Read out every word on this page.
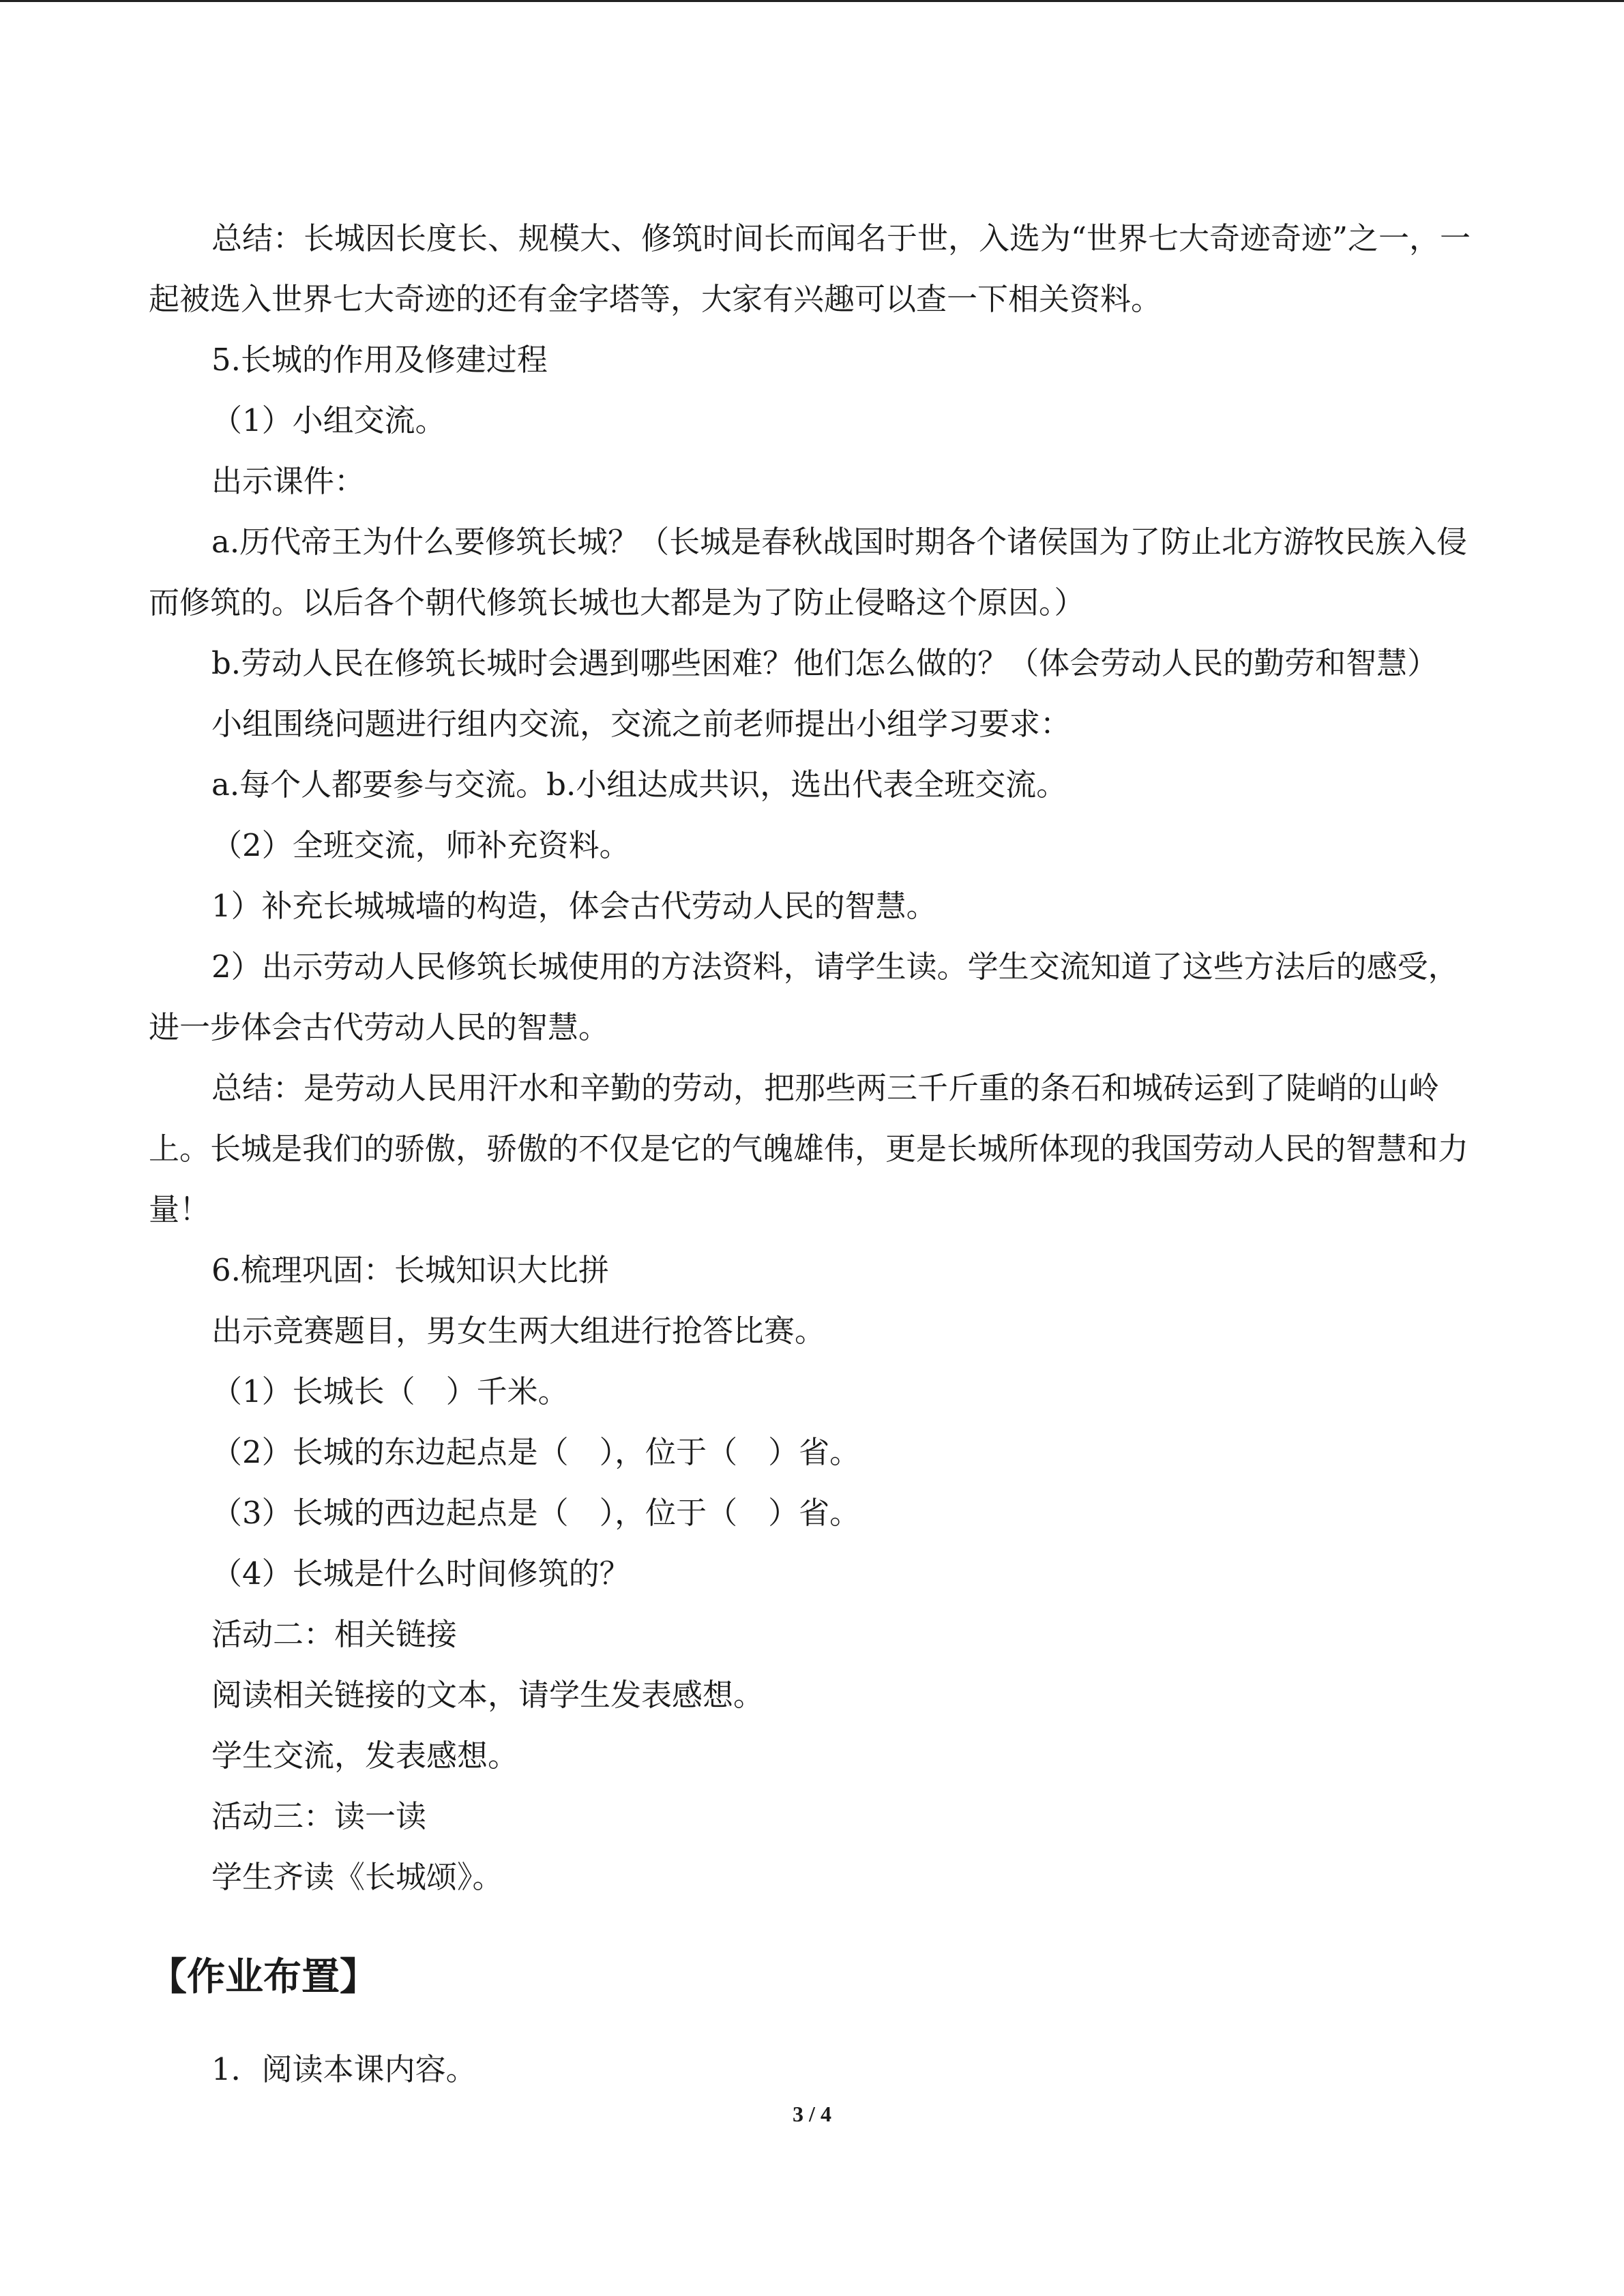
总结：长城因长度长、规模大、修筑时间长而闻名于世，入选为“世界七大奇迹奇迹”之一，一起被选入世界七大奇迹的还有金字塔等，大家有兴趣可以查一下相关资料。

5.长城的作用及修建过程

（1）小组交流。

出示课件：

a.历代帝王为什么要修筑长城？（长城是春秋战国时期各个诸侯国为了防止北方游牧民族入侵而修筑的。以后各个朝代修筑长城也大都是为了防止侵略这个原因。）

b.劳动人民在修筑长城时会遇到哪些困难？他们怎么做的？（体会劳动人民的勤劳和智慧）

小组围绕问题进行组内交流，交流之前老师提出小组学习要求：

a.每个人都要参与交流。b.小组达成共识，选出代表全班交流。

（2）全班交流，师补充资料。

1）补充长城城墙的构造，体会古代劳动人民的智慧。

2）出示劳动人民修筑长城使用的方法资料，请学生读。学生交流知道了这些方法后的感受，进一步体会古代劳动人民的智慧。

总结：是劳动人民用汗水和辛勤的劳动，把那些两三千斤重的条石和城砖运到了陡峭的山岭上。长城是我们的骄傲，骄傲的不仅是它的气魄雄伟，更是长城所体现的我国劳动人民的智慧和力量！

6.梳理巩固：长城知识大比拼

出示竞赛题目，男女生两大组进行抢答比赛。

（1）长城长（　）千米。

（2）长城的东边起点是（　），位于（　）省。

（3）长城的西边起点是（　），位于（　）省。

（4）长城是什么时间修筑的？

活动二：相关链接

阅读相关链接的文本，请学生发表感想。

学生交流，发表感想。

活动三：读一读

学生齐读《长城颂》。

【作业布置】

1．阅读本课内容。

3 / 4
